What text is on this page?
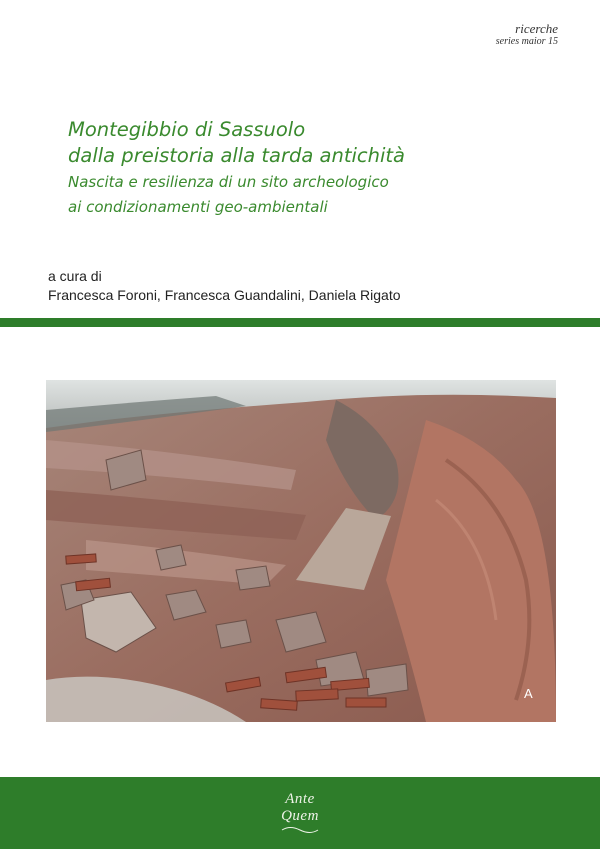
ricerche
series maior 15
Montegibbio di Sassuolo
dalla preistoria alla tarda antichità
Nascita e resilienza di un sito archeologico
ai condizionamenti geo-ambientali
a cura di
Francesca Foroni, Francesca Guandalini, Daniela Rigato
A
Ante
Quem
